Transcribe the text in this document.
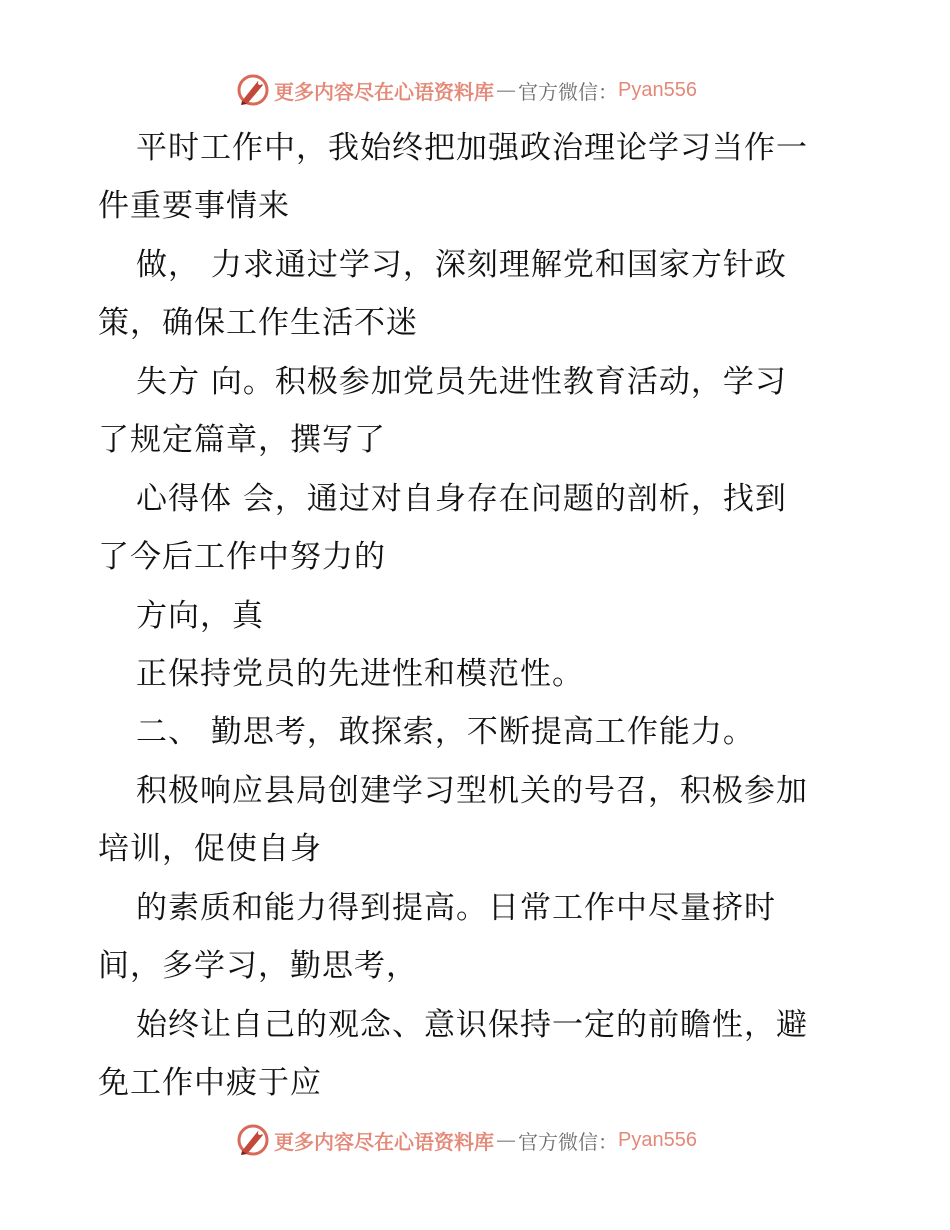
更多内容尽在心语资料库 — 官方微信： Pyan556
平时工作中，我始终把加强政治理论学习当作一
件重要事情来
做， 力求通过学习，深刻理解党和国家方针政
策，确保工作生活不迷
失方 向。积极参加党员先进性教育活动，学习
了规定篇章，撰写了
心得体 会，通过对自身存在问题的剖析，找到
了今后工作中努力的
方向，真
正保持党员的先进性和模范性。
二、 勤思考，敢探索，不断提高工作能力。
积极响应县局创建学习型机关的号召，积极参加
培训，促使自身
的素质和能力得到提高。日常工作中尽量挤时
间，多学习，勤思考，
始终让自己的观念、意识保持一定的前瞻性，避
免工作中疲于应
更多内容尽在心语资料库 — 官方微信： Pyan556
